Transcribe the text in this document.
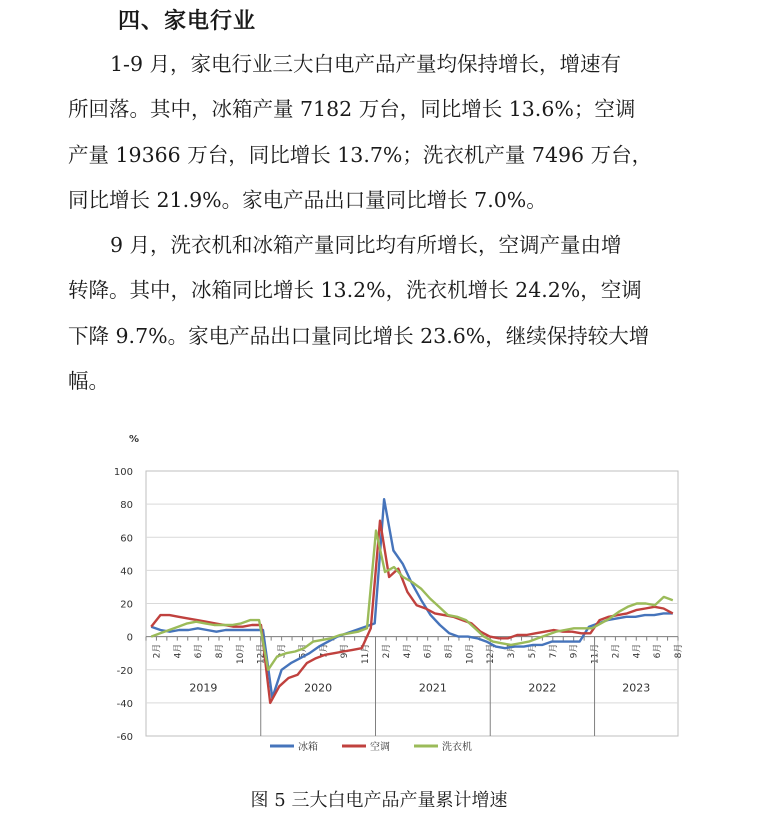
四、家电行业

1-9 月，家电行业三大白电产品产量均保持增长，增速有

所回落。其中，冰箱产量 7182 万台，同比增长 13.6%；空调

产量 19366 万台，同比增长 13.7%；洗衣机产量 7496 万台，

同比增长 21.9%。家电产品出口量同比增长 7.0%。

9 月，洗衣机和冰箱产量同比均有所增长，空调产量由增

转降。其中，冰箱同比增长 13.2%，洗衣机增长 24.2%，空调

下降 9.7%。家电产品出口量同比增长 23.6%，继续保持较大增

幅。

%
-60
-40
-20
0
20
40
60
80
100
2月 4月 6月 8月 10月 12月 3月 5月 7月 9月 11月 2月 4月 6月 8月 10月 12月 3月 5月 7月 9月 11月 2月 4月 6月 8月
2019	2020	2021	2022	2023
冰箱	空调	洗衣机
图 5 三大白电产品产量累计增速
